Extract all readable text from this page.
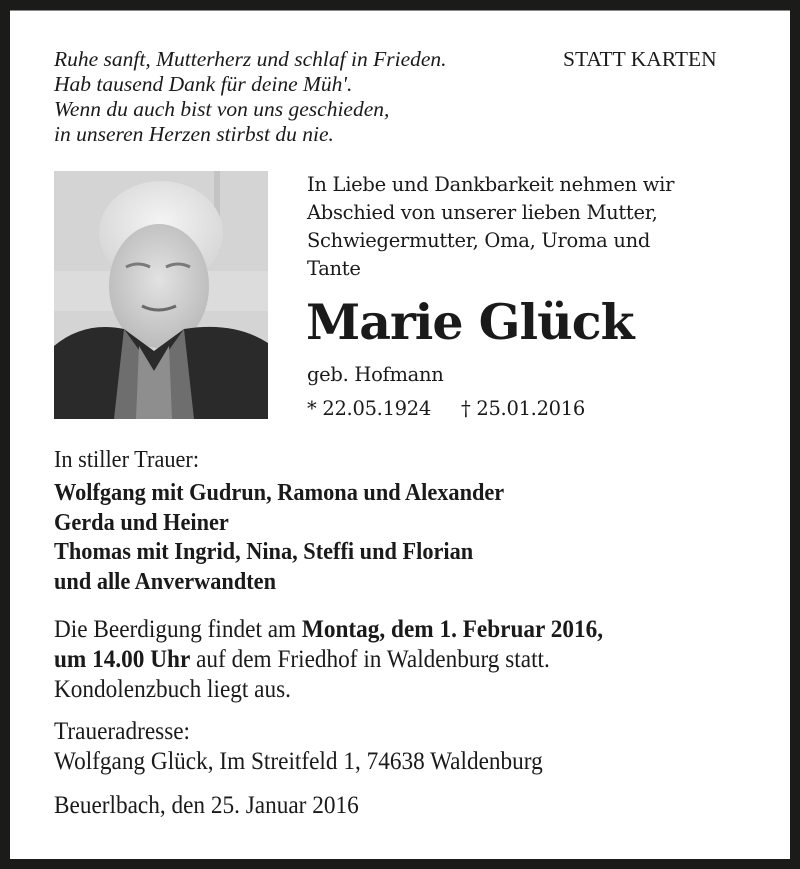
Ruhe sanft, Mutterherz und schlaf in Frieden.
Hab tausend Dank für deine Müh'.
Wenn du auch bist von uns geschieden,
in unseren Herzen stirbst du nie.
STATT KARTEN
In Liebe und Dankbarkeit nehmen wir
Abschied von unserer lieben Mutter,
Schwiegermutter, Oma, Uroma und
Tante
Marie Glück
geb. Hofmann
* 22.05.1924 † 25.01.2016
In stiller Trauer:
Wolfgang mit Gudrun, Ramona und Alexander
Gerda und Heiner
Thomas mit Ingrid, Nina, Steffi und Florian
und alle Anverwandten
Die Beerdigung findet am Montag, dem 1. Februar 2016,
um 14.00 Uhr auf dem Friedhof in Waldenburg statt.
Kondolenzbuch liegt aus.
Traueradresse:
Wolfgang Glück, Im Streitfeld 1, 74638 Waldenburg
Beuerlbach, den 25. Januar 2016
